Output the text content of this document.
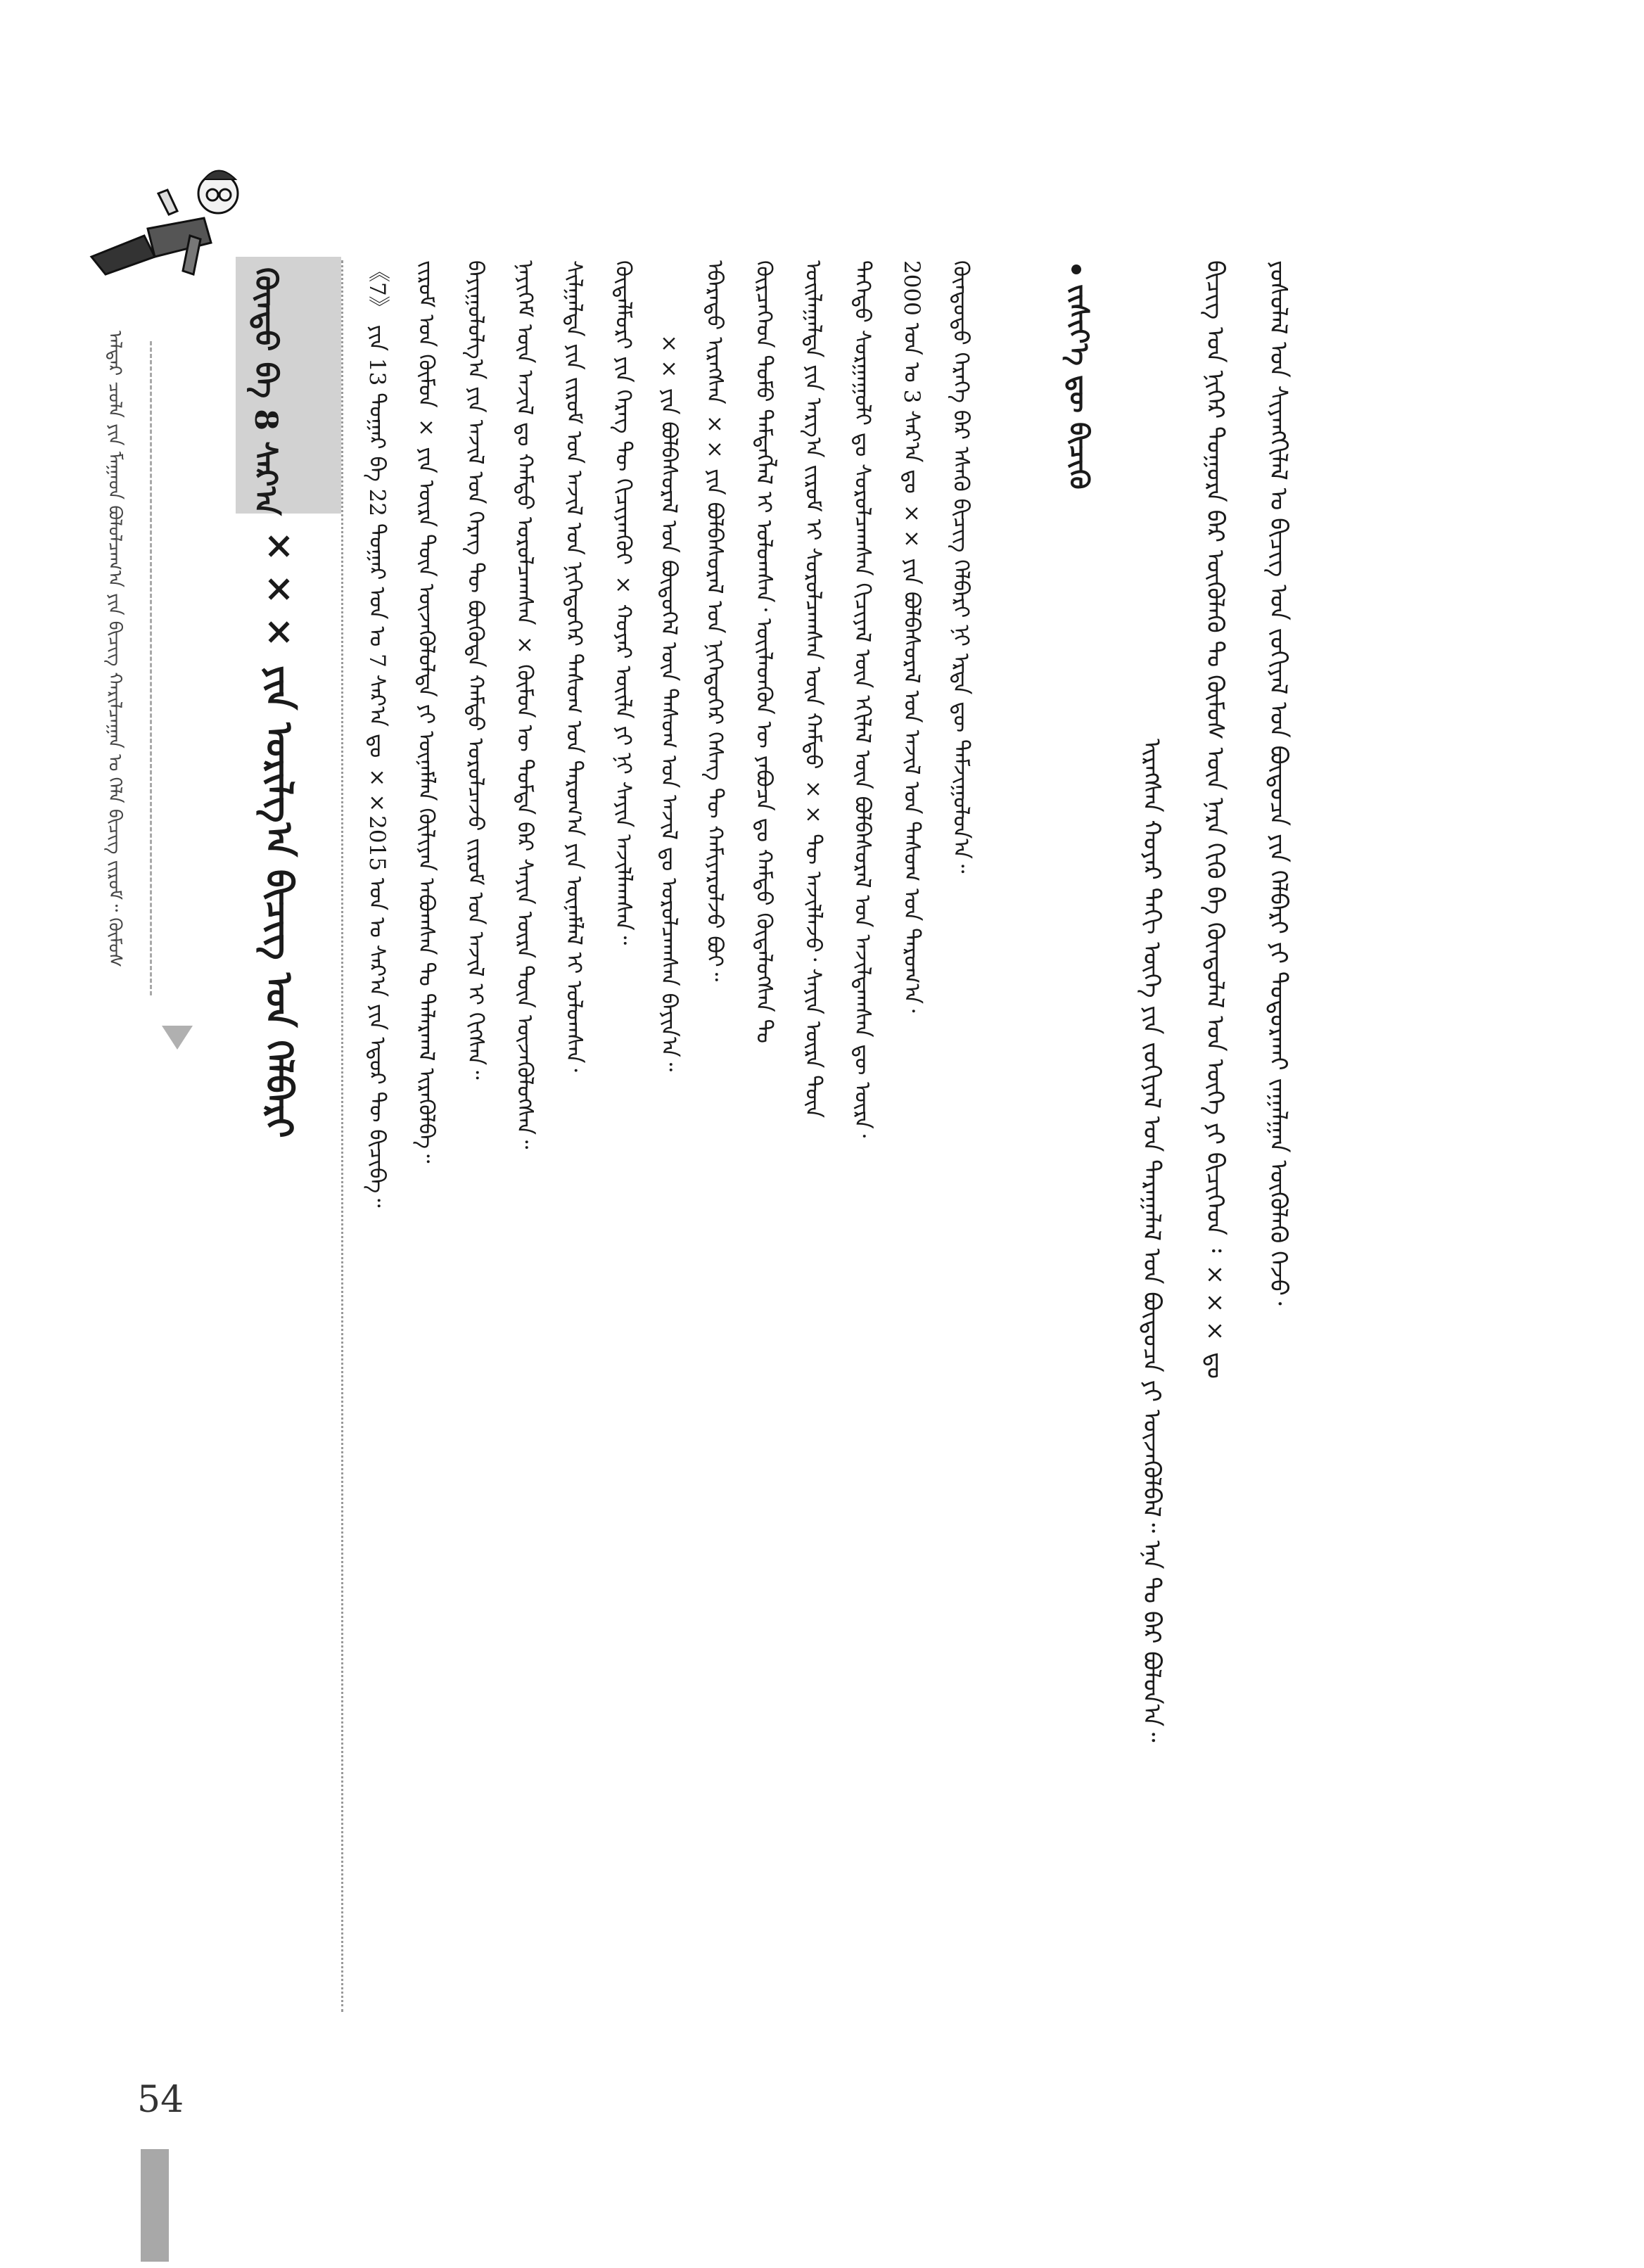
ᠠᠯᠳᠠᠷ ᠴᠣᠯᠠ ᠶᠢᠨ ᠮᠠᠭᠠᠳ ᠪᠣᠯᠤᠯᠴᠠᠭ᠎ᠠ ᠶᠢᠨ ᠪᠢᠴᠢᠭ ᠬᠠᠷᠢᠯᠴᠠᠭᠠᠨ ᠤ ᠬᠡᠯᠡ ᠪᠢᠴᠢᠭ ᠵᠢᠷᠤᠮ᠃ ᠬᠥᠮᠦᠰ	ᠬᠦᠨᠳᠦ ᠪᠠ 8 ᠰᠠᠷ᠎ᠠ
××× ᠶᠢᠨ ᠤᠷᠢᠯᠭ᠎ᠠ ᠪᠢᠴᠢᠭ ᠤᠨ ᠬᠡᠯᠪᠡᠷᠢ	《7》 ᠶᠢᠨ 13 ᠳᠤᠭᠠᠷ ᠪᠠ 22 ᠳᠤᠭᠠᠷ ᠣᠨ ᠤ 7 ᠰᠠᠷ᠎ᠠ ᠳᠤ ××2015 ᠣᠨ ᠤ ᠰᠠᠷ᠎ᠠ ᠶᠢᠨ ᠡᠳᠦᠷ ᠲᠦ ᠪᠢᠴᠢᠪᠡ᠃ ᠵᠢᠷᠤᠮ ᠤᠨ ᠬᠥᠮᠦᠨ × ᠶᠢᠨ ᠦᠷᠡ ᠳᠦᠨ ᠦᠵᠡᠭᠦᠯᠦᠯᠲᠡ ᠶᠢ ᠦᠨᠡᠮᠯᠡᠨ ᠬᠦᠯᠢᠶᠡᠨ ᠠᠪᠤᠭᠰᠠᠨ ᠲᠤ ᠲᠠᠯᠠᠷᠬᠠᠯ ᠢᠷᠡᠭᠦᠯᠪᠡ᠃ ᠪᠠᠶᠢᠭᠤᠯᠤᠯᠭ᠎ᠠ ᠶᠢᠨ ᠠᠵᠢᠯ ᠤᠨ ᠬᠡᠷᠡᠭ ᠲᠦ ᠪᠦᠭᠦᠳᠡ ᠬᠠᠮᠲᠤ ᠣᠷᠣᠯᠴᠠᠵᠤ ᠵᠢᠷᠤᠮ ᠤᠨ ᠠᠵᠢᠯ ᠢ ᠬᠢᠭᠰᠡᠨ᠃ ᠨᠡᠶᠢᠭᠡᠮ ᠦᠨ ᠠᠵᠢᠯ ᠳᠤ ᠬᠠᠮᠲᠤ ᠣᠷᠣᠯᠴᠠᠭᠰᠠᠨ × ᠬᠥᠮᠦᠨ ᠦ ᠳᠤᠮᠳᠠ ᠪᠠᠷ ᠰᠠᠶᠢᠨ ᠦᠷᠡ ᠳᠦᠨ ᠦᠵᠡᠭᠦᠯᠦᠭᠰᠡᠨ᠃ ᠰᠢᠯᠭᠠᠯᠲᠠ ᠶᠢᠨ ᠵᠢᠷᠤᠮ ᠤᠨ ᠠᠵᠢᠯ ᠤᠨ ᠨᠢᠭᠡᠳᠦᠭᠡᠷ ᠲᠠᠰᠤᠭ ᠤᠨ ᠳᠠᠷᠤᠭ᠎ᠠ ᠶᠢᠨ ᠦᠨᠡᠮᠯᠡᠯ ᠢ ᠣᠯᠤᠭᠰᠠᠨ᠂ ᠬᠥᠳᠡᠯᠮᠦᠷᠢ ᠶᠢᠨ ᠬᠡᠷᠡᠭ ᠲᠦ ᠬᠢᠴᠢᠶᠡᠨᠭᠦᠢ × ᠬᠣᠶᠠᠷ ᠦᠢᠯᠡ ᠶᠢ ᠨᠢ ᠰᠠᠶᠢᠨ ᠠᠵᠢᠯᠯᠠᠭᠰᠠᠨ᠃ ×× ᠶᠢᠨ ᠪᠣᠯᠪᠠᠰᠤᠷᠠᠯ ᠤᠨ ᠪᠦᠲᠦᠭᠡᠯ ᠦᠨ ᠲᠠᠰᠤᠭ ᠤᠨ ᠠᠵᠢᠯ ᠳᠤ ᠣᠷᠣᠯᠴᠠᠭᠰᠠᠨ ᠪᠠᠶᠢᠨ᠎ᠠ᠃ ᠡᠪᠡᠷᠡᠳᠦ ᠢᠷᠡᠭᠰᠡᠨ ×× ᠶᠢᠨ ᠪᠣᠯᠪᠠᠰᠤᠷᠠᠯ ᠤᠨ ᠨᠢᠭᠡᠳᠦᠭᠡᠷ ᠬᠡᠰᠡᠭ ᠲᠦ ᠬᠠᠮᠢᠶᠠᠷᠤᠯᠵᠤ ᠪᠤᠢ᠃ ᠬᠦᠷᠴᠡᠭᠡᠳ ᠲᠣᠮᠣ ᠲᠡᠮᠳᠡᠭᠯᠡᠯ ᠢ ᠣᠯᠤᠭᠰᠠᠨ᠂ ᠦᠢᠯᠡᠳᠬᠦᠨ ᠦ ᠶᠠᠪᠤᠴᠠ ᠳᠤ ᠬᠠᠮᠲᠤ ᠬᠥᠳᠡᠯᠦᠭᠰᠡᠨ ᠲᠤ ᠣᠢᠯᠠᠭᠠᠯᠲᠠ ᠶᠢᠨ ᠠᠷᠭ᠎ᠠ ᠵᠢᠷᠤᠮ ᠢ ᠰᠤᠷᠤᠯᠴᠠᠭᠰᠠᠨ ᠦᠨ ᠬᠠᠮᠲᠤ ×× ᠲᠦ ᠠᠵᠢᠯᠯᠠᠵᠤ᠂ ᠰᠠᠶᠢᠨ ᠦᠷᠡ ᠳᠦᠨ ᠳᠡᠭᠡᠳᠦ ᠰᠤᠷᠭᠠᠭᠤᠯᠢ ᠳᠤ ᠰᠤᠷᠤᠯᠴᠠᠭᠰᠠᠨ ᠬᠢᠴᠢᠶᠡᠯ ᠦᠨ ᠡᠬᠢᠯᠡᠯ ᠦᠨ ᠪᠣᠯᠪᠠᠰᠤᠷᠠᠯ ᠤᠨ ᠠᠵᠢᠯᠳᠠᠭᠰᠠᠨ ᠳᠦ ᠦᠷᠡ᠂ 2000 ᠣᠨ ᠤ 3 ᠰᠠᠷ᠎ᠠ ᠳᠤ ×× ᠶᠢᠨ ᠪᠣᠯᠪᠠᠰᠤᠷᠠᠯ ᠤᠨ ᠠᠵᠢᠯ ᠤᠨ ᠲᠠᠰᠤᠭ ᠤᠨ ᠳᠠᠷᠤᠭ᠎ᠠ᠂ ᠬᠦᠨᠳᠦᠲᠦ ᠭᠡᠷᠡᠭᠡ ᠪᠠᠷ ᠡᠰᠡᠬᠦ ᠪᠢᠴᠢᠭ ᠬᠡᠯᠪᠡᠷᠢ ᠨᠢ ᠡᠷᠲᠡ ᠳᠦ ᠳᠠᠮᠵᠢᠭᠤᠯᠤᠨ᠎ᠠ᠃	ᠵᠢᠱᠢᠶ᠎ᠡ ᠳᠦ ᠪᠢᠴᠢᠬᠦ
ᠢᠷᠡᠭᠰᠡᠨ ᠬᠣᠶᠠᠷ ᠳᠠᠬᠢ ᠦᠭᠡ ᠶᠢᠨ ᠵᠣᠬᠢᠶᠠᠯ ᠤᠨ ᠳᠠᠷᠠᠭᠠᠯᠠᠯ ᠤᠨ ᠪᠦᠲᠦᠴᠡ ᠶᠢ ᠦᠵᠡᠭᠦᠯᠪᠡᠯ᠃ ᠡᠨᠡ ᠲᠤ ᠪᠠᠷ ᠪᠣᠯᠣᠨ᠎ᠠ᠃ ᠪᠢᠴᠢᠭ ᠤᠨ ᠨᠢᠭᠡᠷ ᠳᠣᠭᠤᠷᠠ ᠪᠠᠷ ᠦᠭᠦᠯᠡᠬᠦ ᠲᠤ ᠬᠥᠮᠦᠰ ᠦᠨ ᠨᠡᠷᠡ ᠬᠢᠬᠦ ᠪᠠ ᠬᠦᠨᠳᠦᠯᠡᠯ ᠤᠨ ᠦᠭᠡ ᠶᠢ ᠪᠢᠴᠢᠭᠡᠳ ᠄ ××× ᠳᠤ ᠶᠣᠰᠣᠯᠠᠯ ᠤᠨ ᠰᠢᠶᠠᠩᠬᠢᠯᠠᠯ ᠤ ᠪᠢᠴᠢᠭ ᠤᠨ ᠵᠣᠬᠢᠶᠠᠯ ᠤᠨ ᠪᠦᠲᠦᠴᠡ ᠶᠢᠨ ᠬᠡᠯᠪᠡᠷᠢ ᠶᠢ ᠲᠣᠳᠤᠷᠬᠠᠶ ᠵᠠᠭᠠᠯᠭᠠᠨ ᠦᠭᠦᠯᠡᠬᠦ ᠭᠡᠵᠦ᠂
54
